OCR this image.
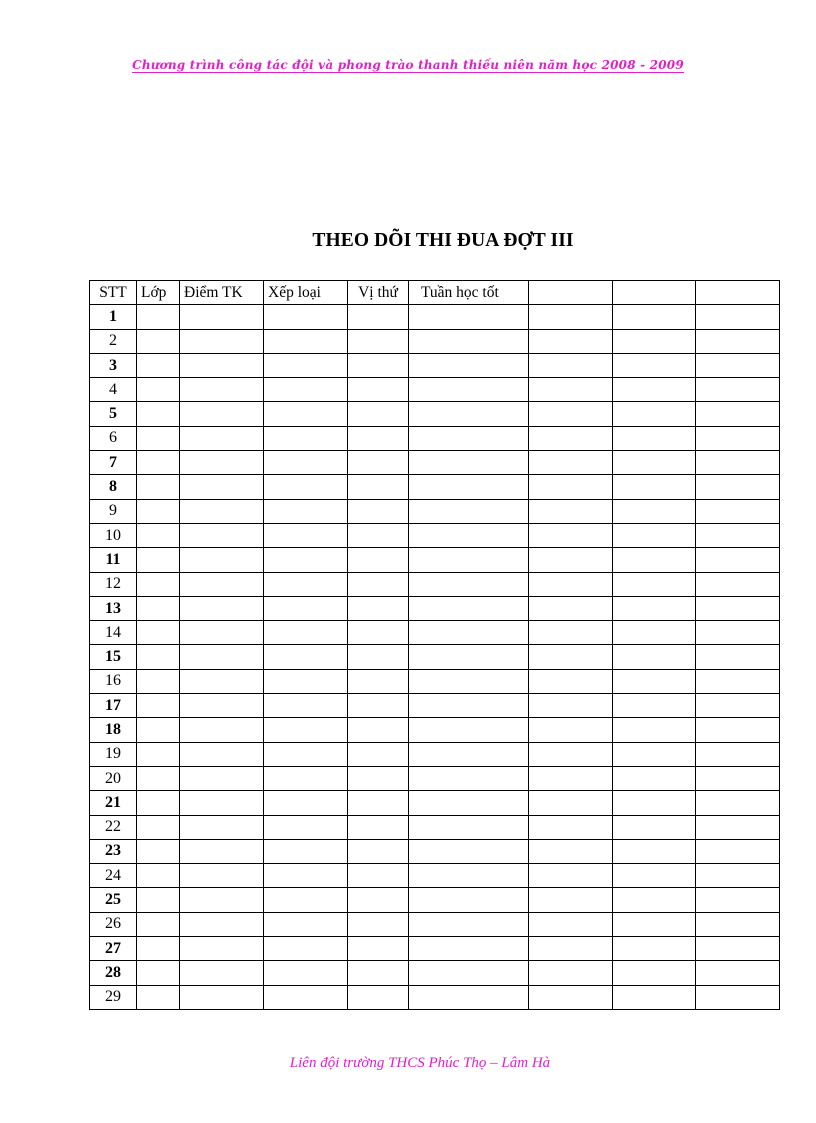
Chương trình công tác đội và phong trào thanh thiếu niên năm học 2008 - 2009
THEO DÕI THI ĐUA ĐỢT III
STT	Lớp	Điểm TK	Xếp loại	Vị thứ	Tuần học tốt			
1								
2								
3								
4								
5								
6								
7								
8								
9								
10								
11								
12								
13								
14								
15								
16								
17								
18								
19								
20								
21								
22								
23								
24								
25								
26								
27								
28								
29								
Liên đội trường THCS Phúc Thọ – Lâm Hà
